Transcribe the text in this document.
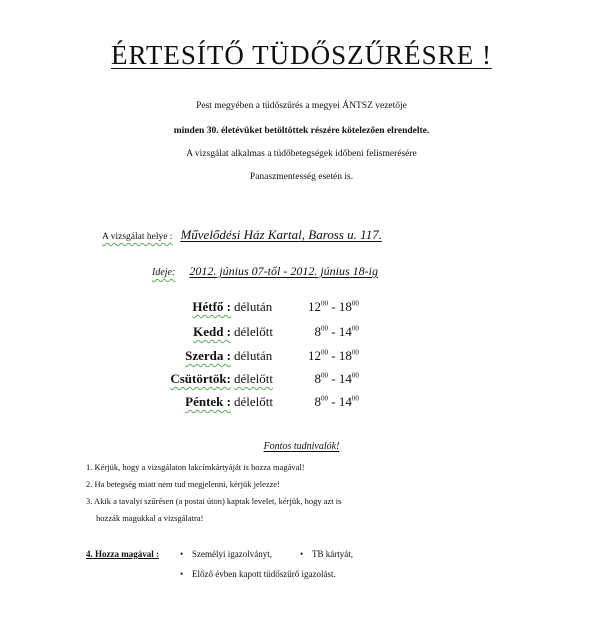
ÉRTESÍTŐ TÜDŐSZŰRÉSRE !
Pest megyében a tüdőszűrés a megyei ÁNTSZ vezetője
minden 30. életévüket betöltöttek részére kötelezően elrendelte.
A vizsgálat alkalmas a tüdőbetegségek időbeni felismerésére
Panaszmentesség esetén is.
A vizsgálat helye : Művelődési Ház Kartal, Baross u. 117.
Ideje: 2012. június 07-től - 2012. június 18-ig
Hétfő : délután	$12^{00} - 18^{00}$
Kedd : délelőtt	$8^{00} - 14^{00}$
Szerda : délután	$12^{00} - 18^{00}$
Csütörtök: délelőtt	$8^{00} - 14^{00}$
Péntek : délelőtt	$8^{00} - 14^{00}$
Fontos tudnivalók!
1. Kérjük, hogy a vizsgálaton lakcímkártyáját is hozza magával!
2. Ha betegség miatt nem tud megjelenni, kérjük jelezze!
3. Akik a tavalyi szűrésen (a postai úton) kaptak levelet, kérjük, hogy azt is
hozzák magukkal a vizsgálatra!
4. Hozza magával : • Személyi igazolványt,	• TB kártyát,
• Előző évben kapott tüdőszűrő igazolást.
